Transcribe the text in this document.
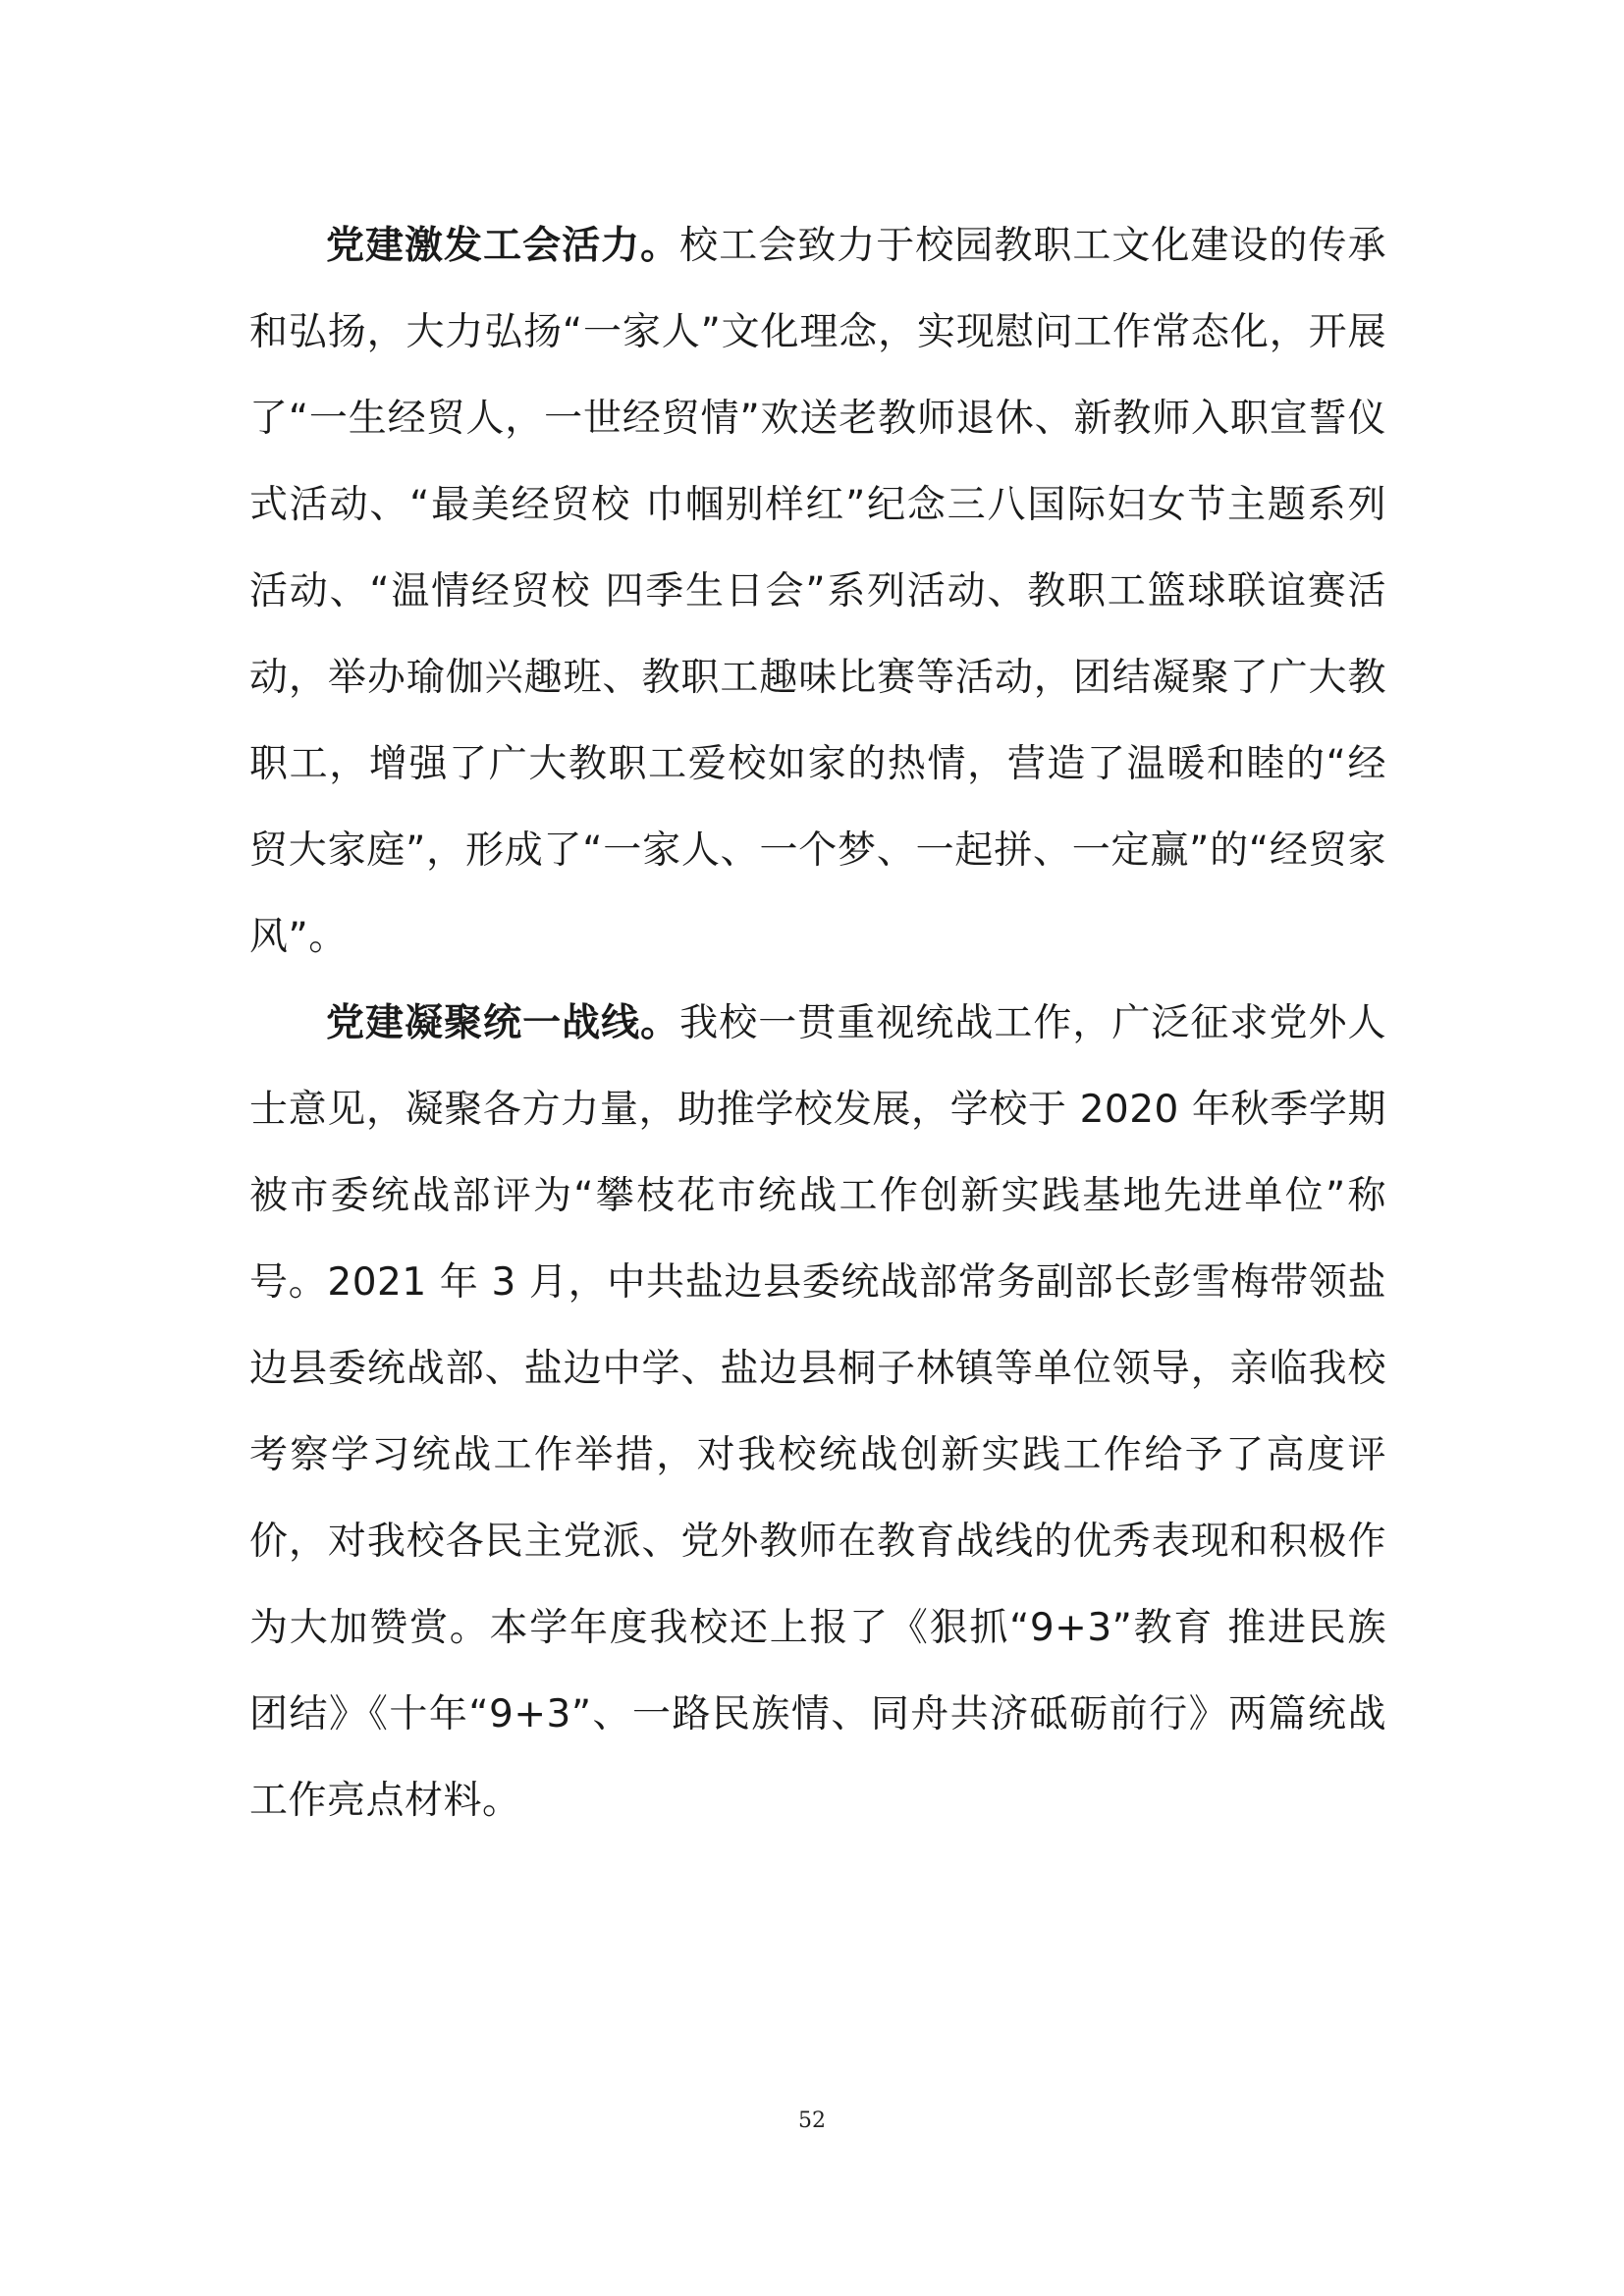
党建激发工会活力。校工会致力于校园教职工文化建设的传承和弘扬，大力弘扬“一家人”文化理念，实现慰问工作常态化，开展了“一生经贸人，一世经贸情”欢送老教师退休、新教师入职宣誓仪式活动、“最美经贸校 巾帼别样红”纪念三八国际妇女节主题系列活动、“温情经贸校 四季生日会”系列活动、教职工篮球联谊赛活动，举办瑜伽兴趣班、教职工趣味比赛等活动，团结凝聚了广大教职工，增强了广大教职工爱校如家的热情，营造了温暖和睦的“经贸大家庭”，形成了“一家人、一个梦、一起拼、一定赢”的“经贸家风”。

党建凝聚统一战线。我校一贯重视统战工作，广泛征求党外人士意见，凝聚各方力量，助推学校发展，学校于 2020 年秋季学期被市委统战部评为“攀枝花市统战工作创新实践基地先进单位”称号。2021 年 3 月，中共盐边县委统战部常务副部长彭雪梅带领盐边县委统战部、盐边中学、盐边县桐子林镇等单位领导，亲临我校考察学习统战工作举措，对我校统战创新实践工作给予了高度评价，对我校各民主党派、党外教师在教育战线的优秀表现和积极作为大加赞赏。本学年度我校还上报了《狠抓“9+3”教育 推进民族团结》《十年“9+3”、一路民族情、同舟共济砥砺前行》两篇统战工作亮点材料。

52
